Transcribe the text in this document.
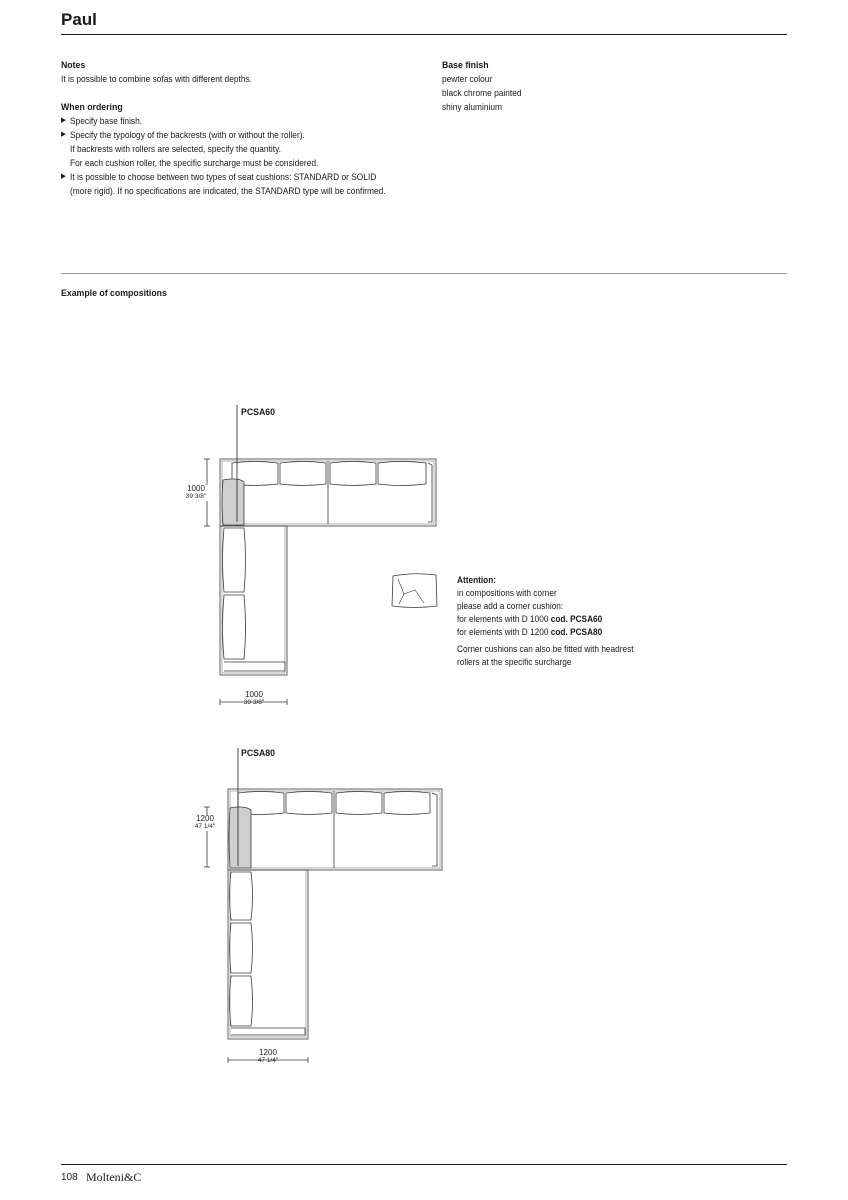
Paul
Notes
It is possible to combine sofas with different depths.
When ordering
▶ Specify base finish.
▶ Specify the typology of the backrests (with or without the roller).
If backrests with rollers are selected, specify the quantity.
For each cushion roller, the specific surcharge must be considered.
▶ It is possible to choose between two types of seat cushions: STANDARD or SOLID
(more rigid). If no specifications are indicated, the STANDARD type will be confirmed.
Base finish
pewter colour
black chrome painted
shiny aluminium
Example of compositions
PCSA60
1000
39 3/8"
1000
39 3/8"
PCSA80
1200
47 1/4"
1200
47 1/4"
Attention:
in compositions with corner
please add a corner cushion:
for elements with D 1000 cod. PCSA60
for elements with D 1200 cod. PCSA80
Corner cushions can also be fitted with headrest
rollers at the specific surcharge
108 Molteni&C
